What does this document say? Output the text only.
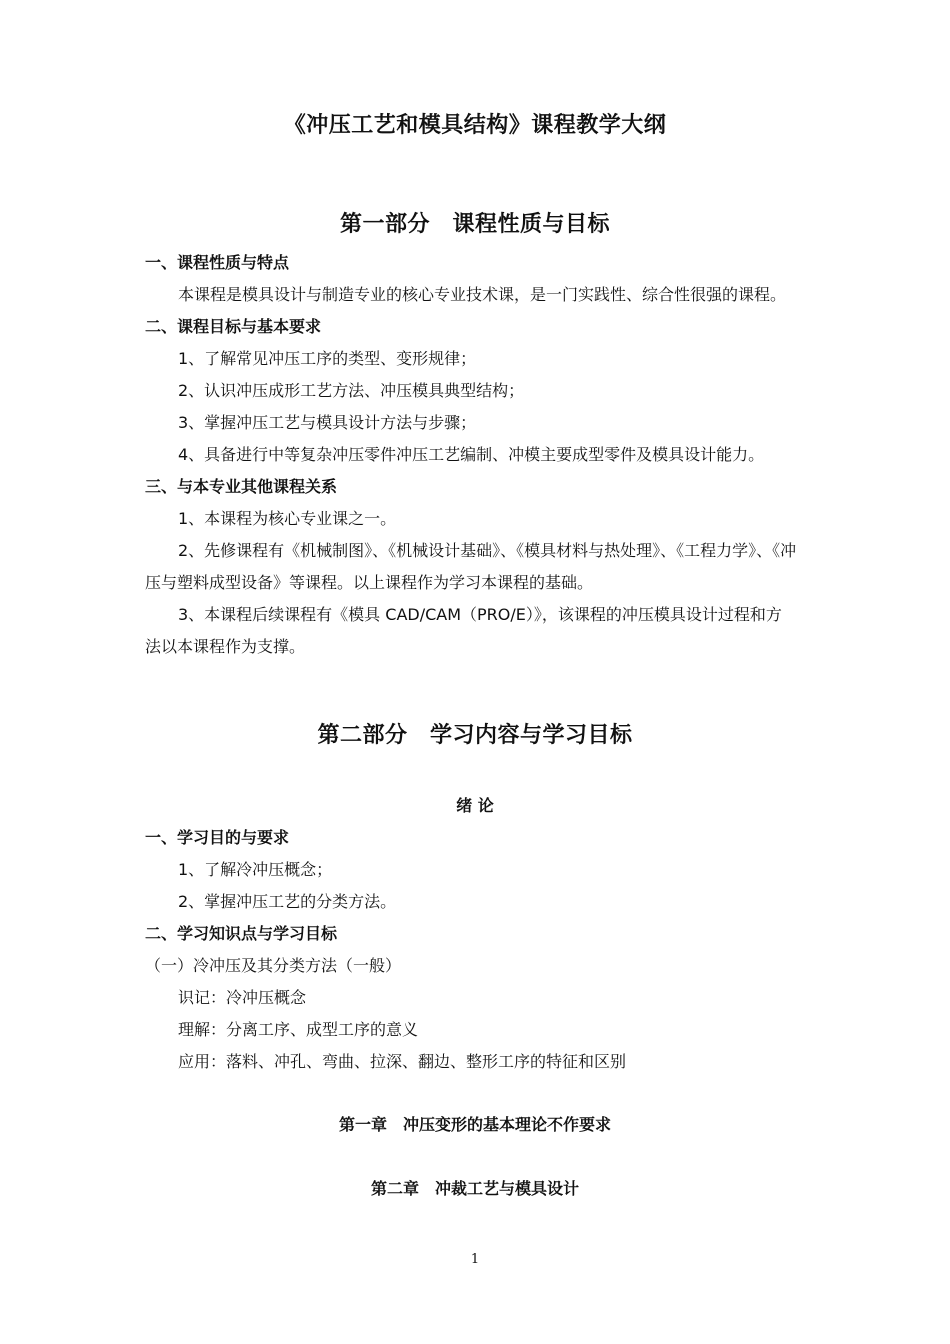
《冲压工艺和模具结构》课程教学大纲
第一部分　课程性质与目标
一、课程性质与特点
本课程是模具设计与制造专业的核心专业技术课，是一门实践性、综合性很强的课程。
二、课程目标与基本要求
1、了解常见冲压工序的类型、变形规律；
2、认识冲压成形工艺方法、冲压模具典型结构；
3、掌握冲压工艺与模具设计方法与步骤；
4、具备进行中等复杂冲压零件冲压工艺编制、冲模主要成型零件及模具设计能力。
三、与本专业其他课程关系
1、本课程为核心专业课之一。
2、先修课程有《机械制图》、《机械设计基础》、《模具材料与热处理》、《工程力学》、《冲
压与塑料成型设备》等课程。以上课程作为学习本课程的基础。
3、本课程后续课程有《模具 CAD/CAM（PRO/E）》，该课程的冲压模具设计过程和方
法以本课程作为支撑。
第二部分　学习内容与学习目标
绪 论
一、学习目的与要求
1、了解冷冲压概念；
2、掌握冲压工艺的分类方法。
二、学习知识点与学习目标
（一）冷冲压及其分类方法（一般）
识记：冷冲压概念
理解：分离工序、成型工序的意义
应用：落料、冲孔、弯曲、拉深、翻边、整形工序的特征和区别
第一章　冲压变形的基本理论不作要求
第二章　冲裁工艺与模具设计
1
